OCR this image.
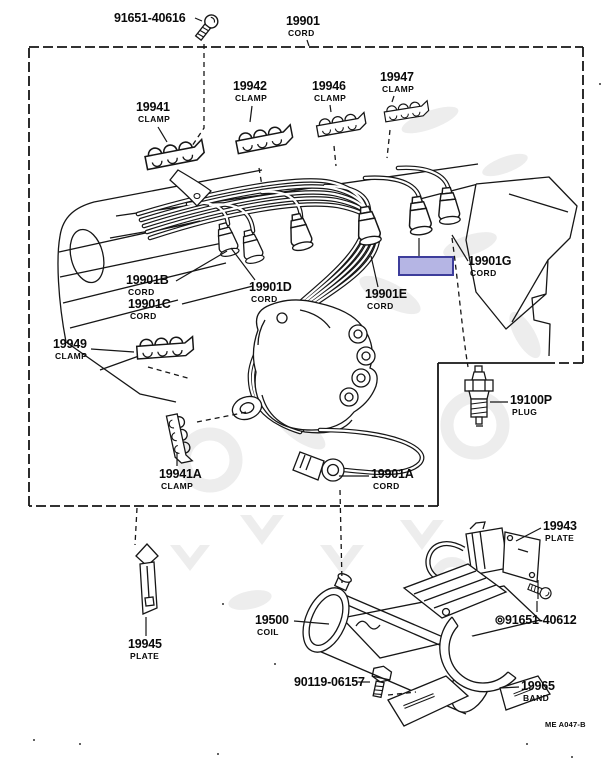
91651-40616	19901
CORD
19941
CLAMP
19942
CLAMP
19946
CLAMP
19947
CLAMP
19901B
CORD
19901C
CORD
19901D
CORD	19901E
CORD
19901G
CORD
19949
CLAMP
19941A
CLAMP
19901A
CORD
19100P
PLUG
19943
PLATE
91651-40612
19500
COIL
19945
PLATE
90119-06157	19965
BAND
ME A047-B
